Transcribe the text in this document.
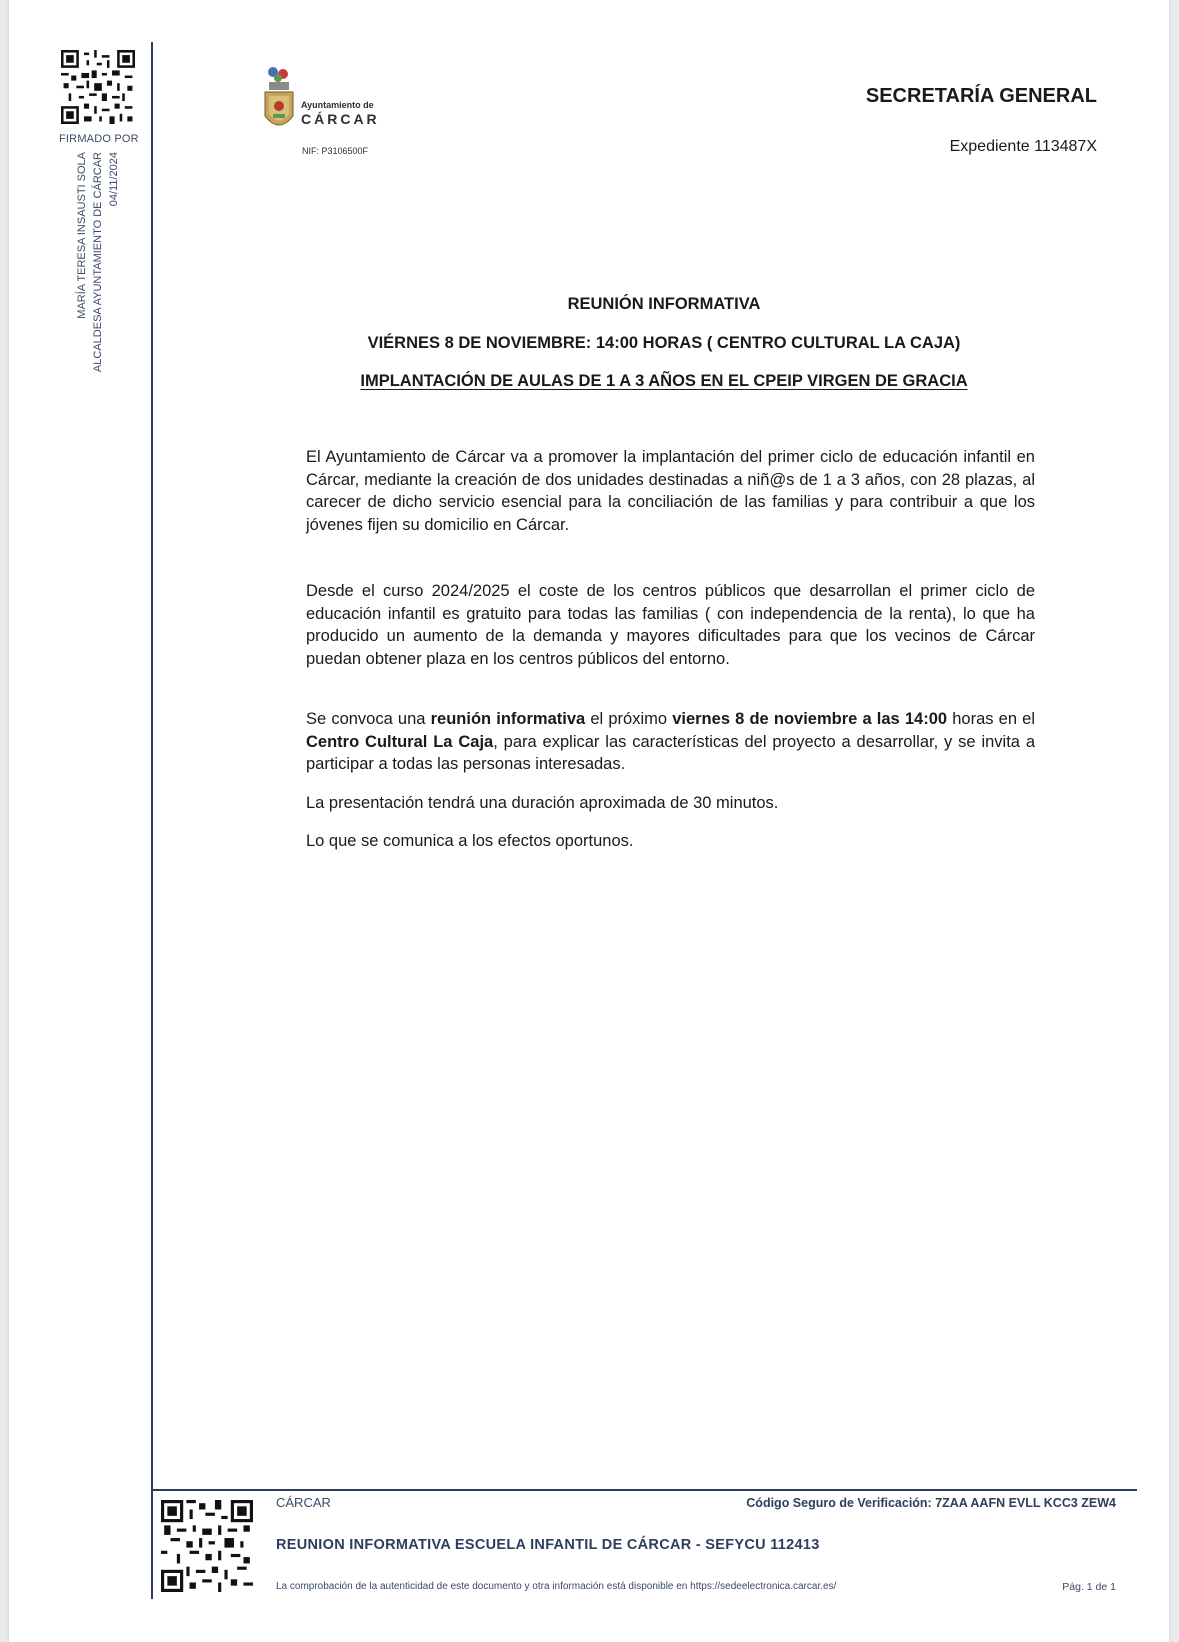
FIRMADO POR
MARÍA TERESA INSAUSTI SOLA ALCALDESA AYUNTAMIENTO DE CÁRCAR 04/11/2024
Ayuntamiento de
CÁRCAR
NIF: P3106500F
SECRETARÍA GENERAL
Expediente 113487X
REUNIÓN INFORMATIVA
VIÉRNES 8 DE NOVIEMBRE: 14:00 HORAS ( CENTRO CULTURAL LA CAJA)
IMPLANTACIÓN DE AULAS DE 1 A 3 AÑOS EN EL CPEIP VIRGEN DE GRACIA

El Ayuntamiento de Cárcar va a promover la implantación del primer ciclo de educación infantil en Cárcar, mediante la creación de dos unidades destinadas a niñ@s de 1 a 3 años, con 28 plazas, al carecer de dicho servicio esencial para la conciliación de las familias y para contribuir a que los jóvenes fijen su domicilio en Cárcar.

Desde el curso 2024/2025 el coste de los centros públicos que desarrollan el primer ciclo de educación infantil es gratuito para todas las familias ( con independencia de la renta), lo que ha producido un aumento de la demanda y mayores dificultades para que los vecinos de Cárcar puedan obtener plaza en los centros públicos del entorno.

Se convoca una reunión informativa el próximo viernes 8 de noviembre a las 14:00 horas en el Centro Cultural La Caja, para explicar las características del proyecto a desarrollar, y se invita a participar a todas las personas interesadas.

La presentación tendrá una duración aproximada de 30 minutos.

Lo que se comunica a los efectos oportunos.

CÁRCAR	Código Seguro de Verificación: 7ZAA AAFN EVLL KCC3 ZEW4
REUNION INFORMATIVA ESCUELA INFANTIL DE CÁRCAR - SEFYCU 112413
La comprobación de la autenticidad de este documento y otra información está disponible en https://sedeelectronica.carcar.es/	Pág. 1 de 1
